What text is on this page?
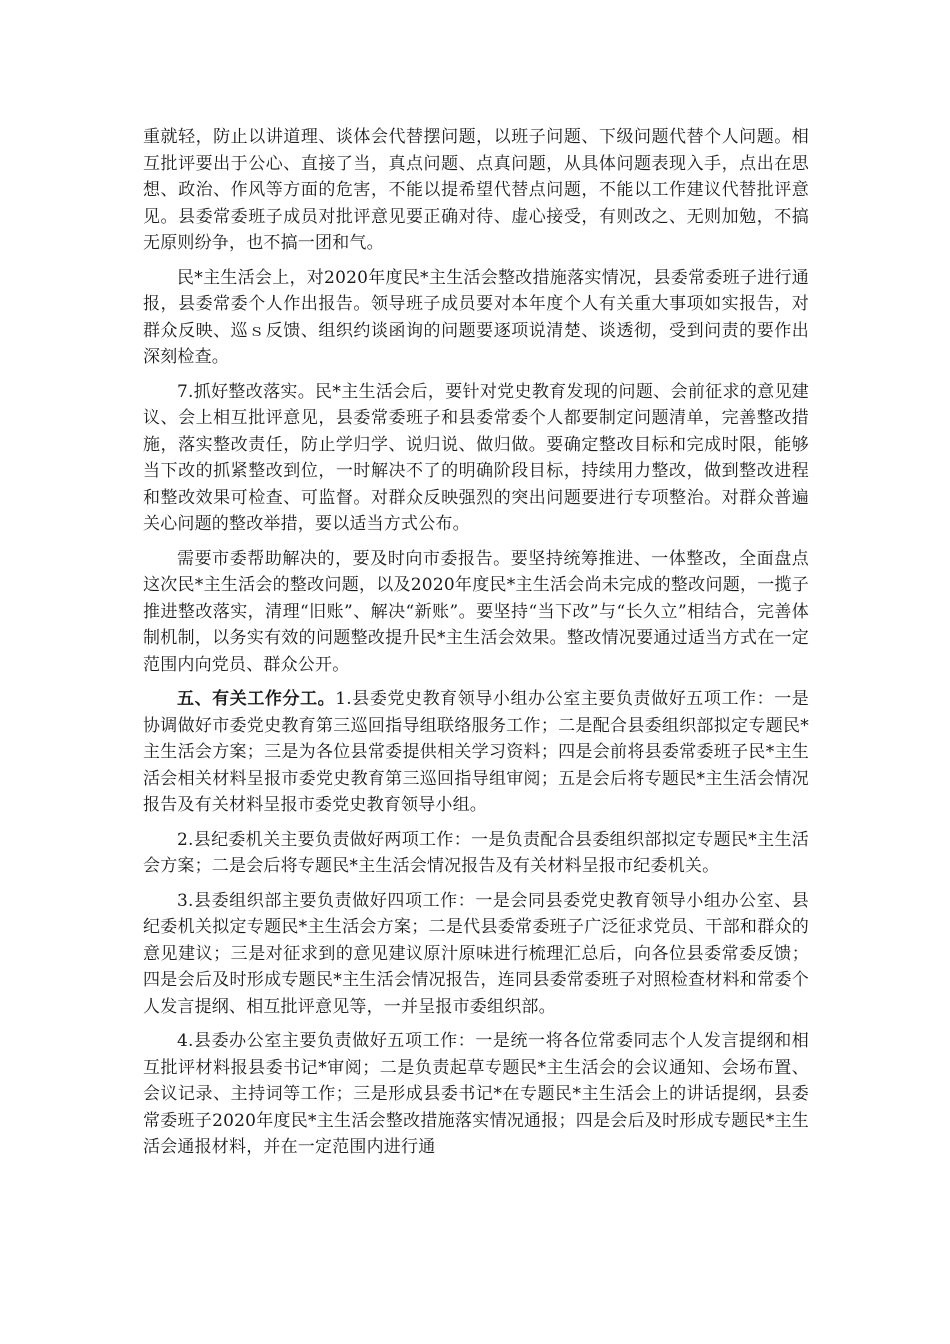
重就轻，防止以讲道理、谈体会代替摆问题，以班子问题、下级问题代替个人问题。相互批评要出于公心、直接了当，真点问题、点真问题，从具体问题表现入手，点出在思想、政治、作风等方面的危害，不能以提希望代替点问题，不能以工作建议代替批评意见。县委常委班子成员对批评意见要正确对待、虚心接受，有则改之、无则加勉，不搞无原则纷争，也不搞一团和气。

民*主生活会上，对2020年度民*主生活会整改措施落实情况，县委常委班子进行通报，县委常委个人作出报告。领导班子成员要对本年度个人有关重大事项如实报告，对群众反映、巡ｓ反馈、组织约谈函询的问题要逐项说清楚、谈透彻，受到问责的要作出深刻检查。

7.抓好整改落实。民*主生活会后，要针对党史教育发现的问题、会前征求的意见建议、会上相互批评意见，县委常委班子和县委常委个人都要制定问题清单，完善整改措施，落实整改责任，防止学归学、说归说、做归做。要确定整改目标和完成时限，能够当下改的抓紧整改到位，一时解决不了的明确阶段目标，持续用力整改，做到整改进程和整改效果可检查、可监督。对群众反映强烈的突出问题要进行专项整治。对群众普遍关心问题的整改举措，要以适当方式公布。

需要市委帮助解决的，要及时向市委报告。要坚持统筹推进、一体整改，全面盘点这次民*主生活会的整改问题，以及2020年度民*主生活会尚未完成的整改问题，一揽子推进整改落实，清理“旧账”、解决“新账”。要坚持“当下改”与“长久立”相结合，完善体制机制，以务实有效的问题整改提升民*主生活会效果。整改情况要通过适当方式在一定范围内向党员、群众公开。

五、有关工作分工。1.县委党史教育领导小组办公室主要负责做好五项工作：一是协调做好市委党史教育第三巡回指导组联络服务工作；二是配合县委组织部拟定专题民*主生活会方案；三是为各位县常委提供相关学习资料；四是会前将县委常委班子民*主生活会相关材料呈报市委党史教育第三巡回指导组审阅；五是会后将专题民*主生活会情况报告及有关材料呈报市委党史教育领导小组。

2.县纪委机关主要负责做好两项工作：一是负责配合县委组织部拟定专题民*主生活会方案；二是会后将专题民*主生活会情况报告及有关材料呈报市纪委机关。

3.县委组织部主要负责做好四项工作：一是会同县委党史教育领导小组办公室、县纪委机关拟定专题民*主生活会方案；二是代县委常委班子广泛征求党员、干部和群众的意见建议；三是对征求到的意见建议原汁原味进行梳理汇总后，向各位县委常委反馈；四是会后及时形成专题民*主生活会情况报告，连同县委常委班子对照检查材料和常委个人发言提纲、相互批评意见等，一并呈报市委组织部。

4.县委办公室主要负责做好五项工作：一是统一将各位常委同志个人发言提纲和相互批评材料报县委书记*审阅；二是负责起草专题民*主生活会的会议通知、会场布置、会议记录、主持词等工作；三是形成县委书记*在专题民*主生活会上的讲话提纲，县委常委班子2020年度民*主生活会整改措施落实情况通报；四是会后及时形成专题民*主生活会通报材料，并在一定范围内进行通
